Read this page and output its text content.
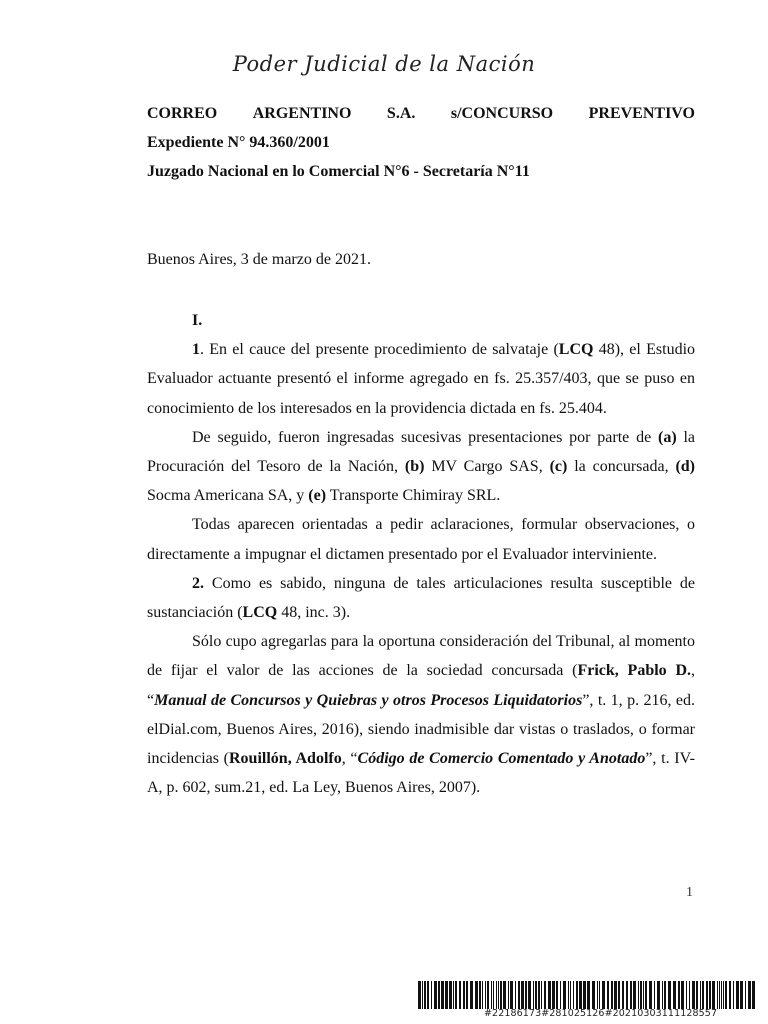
Poder Judicial de la Nación
CORREO ARGENTINO S.A. s/CONCURSO PREVENTIVO
Expediente N° 94.360/2001
Juzgado Nacional en lo Comercial N°6 - Secretaría N°11
Buenos Aires, 3 de marzo de 2021.

I.

1. En el cauce del presente procedimiento de salvataje (LCQ 48), el Estudio Evaluador actuante presentó el informe agregado en fs. 25.357/403, que se puso en conocimiento de los interesados en la providencia dictada en fs. 25.404.

De seguido, fueron ingresadas sucesivas presentaciones por parte de (a) la Procuración del Tesoro de la Nación, (b) MV Cargo SAS, (c) la concursada, (d) Socma Americana SA, y (e) Transporte Chimiray SRL.

Todas aparecen orientadas a pedir aclaraciones, formular observaciones, o directamente a impugnar el dictamen presentado por el Evaluador interviniente.

2. Como es sabido, ninguna de tales articulaciones resulta susceptible de sustanciación (LCQ 48, inc. 3).

Sólo cupo agregarlas para la oportuna consideración del Tribunal, al momento de fijar el valor de las acciones de la sociedad concursada (Frick, Pablo D., “Manual de Concursos y Quiebras y otros Procesos Liquidatorios”, t. 1, p. 216, ed. elDial.com, Buenos Aires, 2016), siendo inadmisible dar vistas o traslados, o formar incidencias (Rouillón, Adolfo, “Código de Comercio Comentado y Anotado”, t. IV-A, p. 602, sum.21, ed. La Ley, Buenos Aires, 2007).

1
#22186173#281025126#20210303111128557
